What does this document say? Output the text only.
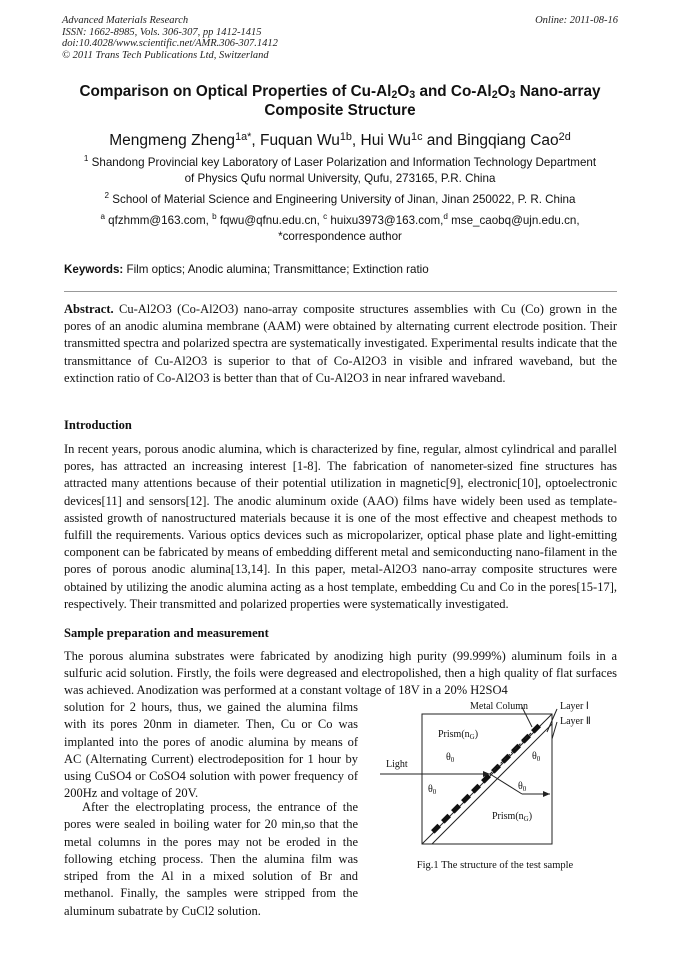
Advanced Materials Research
ISSN: 1662-8985, Vols. 306-307, pp 1412-1415
doi:10.4028/www.scientific.net/AMR.306-307.1412
© 2011 Trans Tech Publications Ltd, Switzerland
Online: 2011-08-16
Comparison on Optical Properties of $Cu-Al_2O_3$ and $Co-Al_2O_3$ Nano-array
Composite Structure
Mengmeng Zheng$^{1a*}$, Fuquan $Wu^{1b}$, Hui $Wu^{1c}$ and Bingqiang Cao$^{2d}$
$^1$ Shandong Provincial key Laboratory of Laser Polarization and Information Technology Department
of Physics Qufu normal University, Qufu, 273165, P.R. China
$^2$ School of Material Science and Engineering University of Jinan, Jinan 250022, P. R. China
$^a$ qfzhmm@163.com, $^b$ fqwu@qfnu.edu.cn, $^c$ huixu3973@163.com,$^d$ mse_caobq@ujn.edu.cn,
*correspondence author
Keywords: Film optics; Anodic alumina; Transmittance; Extinction ratio
Abstract. Cu-Al2O3 (Co-Al2O3) nano-array composite structures assemblies with Cu (Co) grown in the pores of an anodic alumina membrane (AAM) were obtained by alternating current electrode position. Their transmitted spectra and polarized spectra are systematically investigated. Experimental results indicate that the transmittance of Cu-Al2O3 is superior to that of Co-Al2O3 in visible and infrared waveband, but the extinction ratio of Co-Al2O3 is better than that of Cu-Al2O3 in near infrared waveband.
Introduction
In recent years, porous anodic alumina, which is characterized by fine, regular, almost cylindrical and parallel pores, has attracted an increasing interest [1-8]. The fabrication of nanometer-sized fine structures has attracted many attentions because of their potential utilization in magnetic[9], electronic[10], optoelectronic devices[11] and sensors[12]. The anodic aluminum oxide (AAO) films have widely been used as template-assisted growth of nanostructured materials because it is one of the most effective and cheapest methods to fulfill the requirements. Various optics devices such as micropolarizer, optical phase plate and light-emitting component can be fabricated by means of embedding different metal and semiconducting nano-filament in the pores of porous anodic alumina[13,14]. In this paper, metal-Al2O3 nano-array composite structures were obtained by utilizing the anodic alumina acting as a host template, embedding Cu and Co in the pores[15-17], respectively. Their transmitted and polarized properties were systematically investigated.
Sample preparation and measurement
The porous alumina substrates were fabricated by anodizing high purity (99.999%) aluminum foils in a sulfuric acid solution. Firstly, the foils were degreased and electropolished, then a high quality of flat surfaces was achieved. Anodization was performed at a constant voltage of 18V in a 20% H2SO4
solution for 2 hours, thus, we gained the alumina films with its pores 20nm in diameter. Then, Cu or Co was implanted into the pores of anodic alumina by means of AC (Alternating Current) electrodeposition for 1 hour by using CuSO4 or CoSO4 solution with power frequency of 200Hz and voltage of 20V.
After the electroplating process, the entrance of the pores were sealed in boiling water for 20 min,so that the metal columns in the pores may not be eroded in the following etching process. Then the alumina film was striped from the Al in a mixed solution of Br and methanol. Finally, the samples were stripped from the aluminum subatrate by CuCl2 solution.
Metal Column	Layer Ⅰ
Layer Ⅱ
$Prism(n_G)$
$Prism(n_G)$
Light
$\theta_0$
$\theta_0$
$\theta_0$
$\theta_0$
Fig.1 The structure of the test sample
